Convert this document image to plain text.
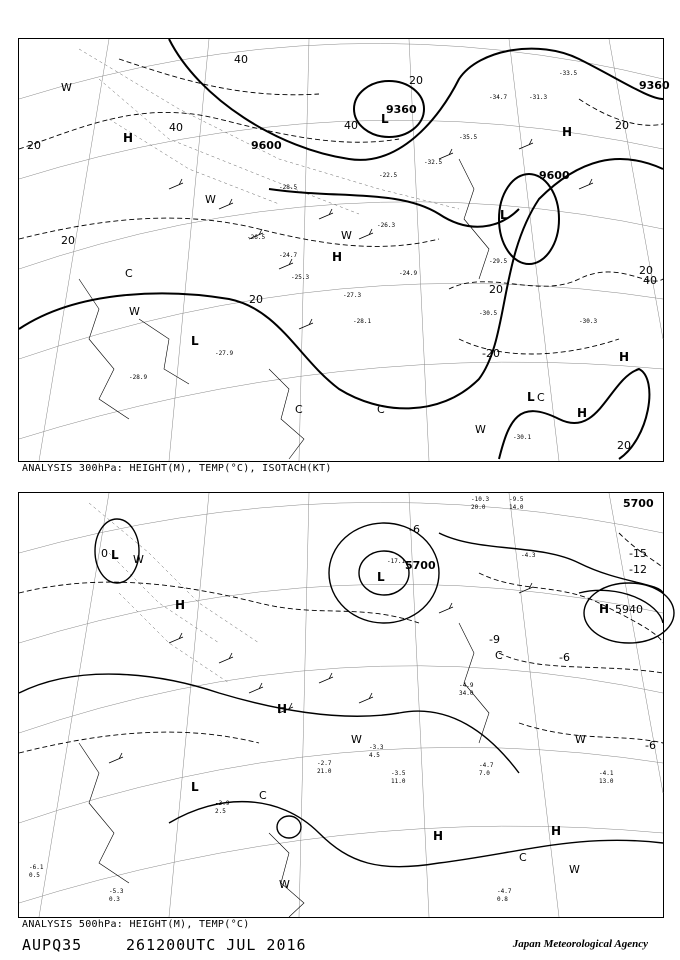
9600
9600
9360
9360
20
20
40
40
20
40
20
20
20
20
40
20
-20
H
H
H
H
H
L
L
L
L
W
W
W
W
W
C
C	C
C
-27.9
-28.1
-30.5
-30.3
-30.1
-28.9
-24.9
-26.3
-29.5
-27.3
-35.5
-34.7
-32.5
-33.5
-28.5
-31.3
-22.5
-26.5
-24.7
-25.3
ANALYSIS 300hPa: HEIGHT(M), TEMP(°C), ISOTACH(KT)
5700
5700
5940
0	-15
-12
-6
-6
-9
-6
H
H
H	H
H
L
L
L
W
W
W
W
W
C
C
C
-3.5
11.0
-4.7
7.0	-4.1
13.0
-4.7
0.8
-3.9
2.5
-5.3
0.3
-2.7
21.0
-6.1
0.5
-3.3
4.5
-17.1
-4.3
-9.5
-10.3
20.0	14.0
-4.9
34.0
ANALYSIS 500hPa: HEIGHT(M), TEMP(°C)
AUPQ35	261200UTC JUL 2016	Japan Meteorological Agency
